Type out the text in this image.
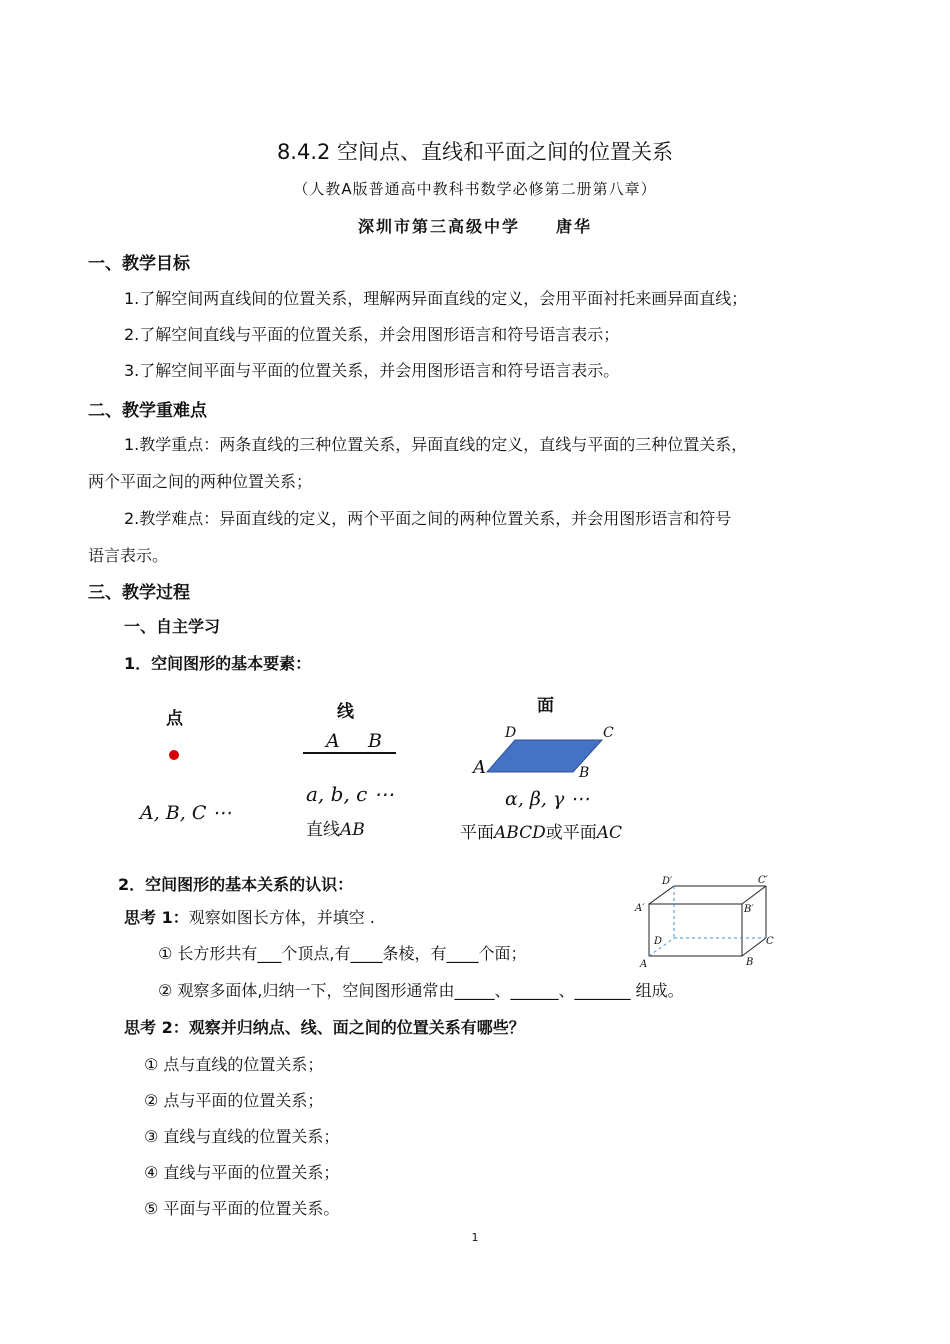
8.4.2 空间点、直线和平面之间的位置关系
（人教A版普通高中教科书数学必修第二册第八章）
深圳市第三高级中学 唐华
一、教学目标
1.了解空间两直线间的位置关系，理解两异面直线的定义，会用平面衬托来画异面直线；
2.了解空间直线与平面的位置关系，并会用图形语言和符号语言表示；
3.了解空间平面与平面的位置关系，并会用图形语言和符号语言表示。
二、教学重难点
1.教学重点：两条直线的三种位置关系，异面直线的定义，直线与平面的三种位置关系，
两个平面之间的两种位置关系；
2.教学难点：异面直线的定义，两个平面之间的两种位置关系，并会用图形语言和符号
语言表示。
三、教学过程
一、自主学习
1．空间图形的基本要素：
点	线	面
A B
A	B
C
D
A, B, C ⋯
a, b, c ⋯
直线AB
α, β, γ ⋯
平面ABCD或平面AC
2．空间图形的基本关系的认识：
思考 1：观察如图长方体，并填空 .
① 长方形共有___个顶点,有____条棱，有____个面；
② 观察多面体,归纳一下，空间图形通常由_____、______、_______ 组成。
D′	C′
A′	B′
D	C
A	B
思考 2：观察并归纳点、线、面之间的位置关系有哪些？
① 点与直线的位置关系；
② 点与平面的位置关系；
③ 直线与直线的位置关系；
④ 直线与平面的位置关系；
⑤ 平面与平面的位置关系。
1
